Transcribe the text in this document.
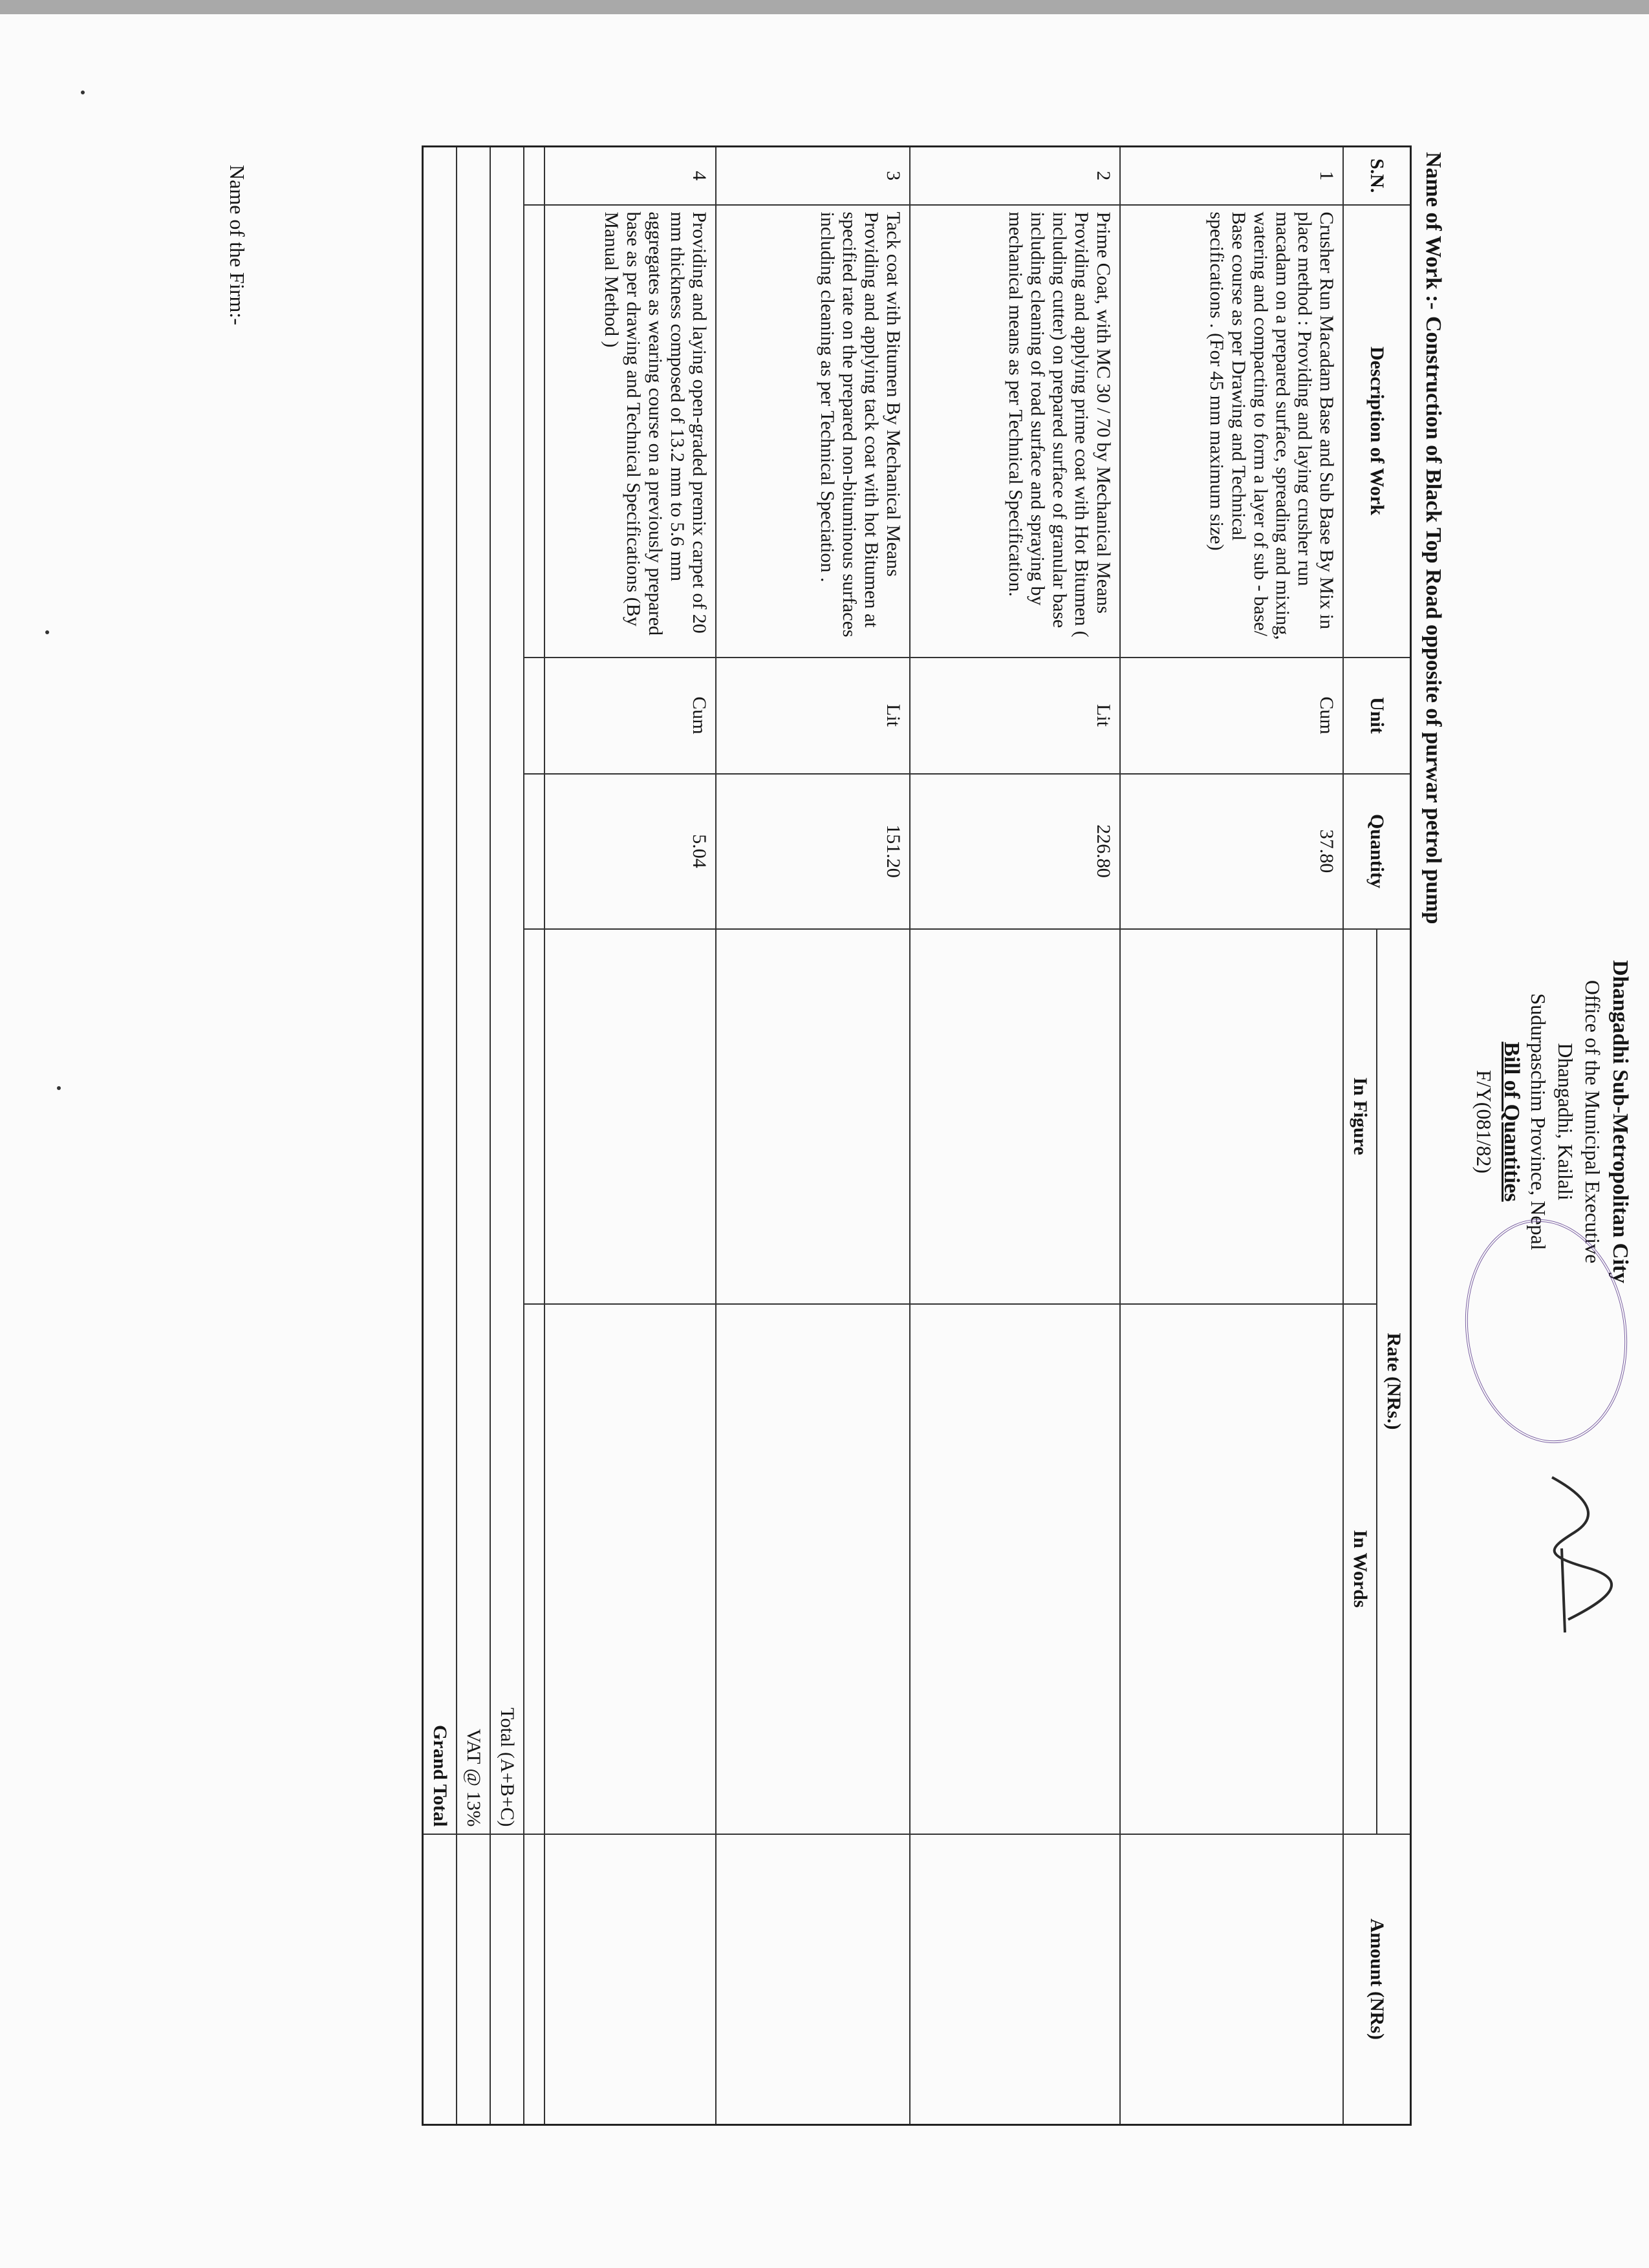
Dhangadhi Sub-Metropolitan City
Office of the Municipal Executive
Dhangadhi, Kailali
Sudurpaschim Province, Nepal
Bill of Quantities
F/Y(081/82)
Name of Work :-Construction of Black Top Road opposite of purwar petrol pump
S.N.	Description of Work	Unit	Quantity	Rate (NRs.)		Amount (NRs)
				In Figure	In Words	
1	Crusher Run Macadam Base and Sub Base By Mix in place method : Providing and laying crusher run macadam on a prepared surface, spreading and mixing, watering and compacting to form a layer of sub - base/ Base course as per Drawing and Technical specifications . (For 45 mm maximum size)	Cum	37.80			
2	Prime Coat, with MC 30 / 70 by Mechanical Means
Providing and applying prime coat with Hot Bitumen ( including cutter) on prepared surface of granular base including cleaning of road surface and spraying by mechanical means as per Technical Specification.	Lit	226.80			
3	Tack coat with Bitumen By Mechanical Means
Providing and applying tack coat with hot Bitumen at specified rate on the prepared non-bituminous surfaces including cleaning as per Technical Speciation .	Lit	151.20			
4	Providing and laying open-graded premix carpet of 20 mm thickness composed of 13.2 mm to 5.6 mm aggregates as wearing course on a previously prepared base as per drawing and Technical Specifications (By Manual Method )	Cum	5.04			

Total (A+B+C)						
VAT @ 13%						
Grand Total						
Name of the Firm:-
